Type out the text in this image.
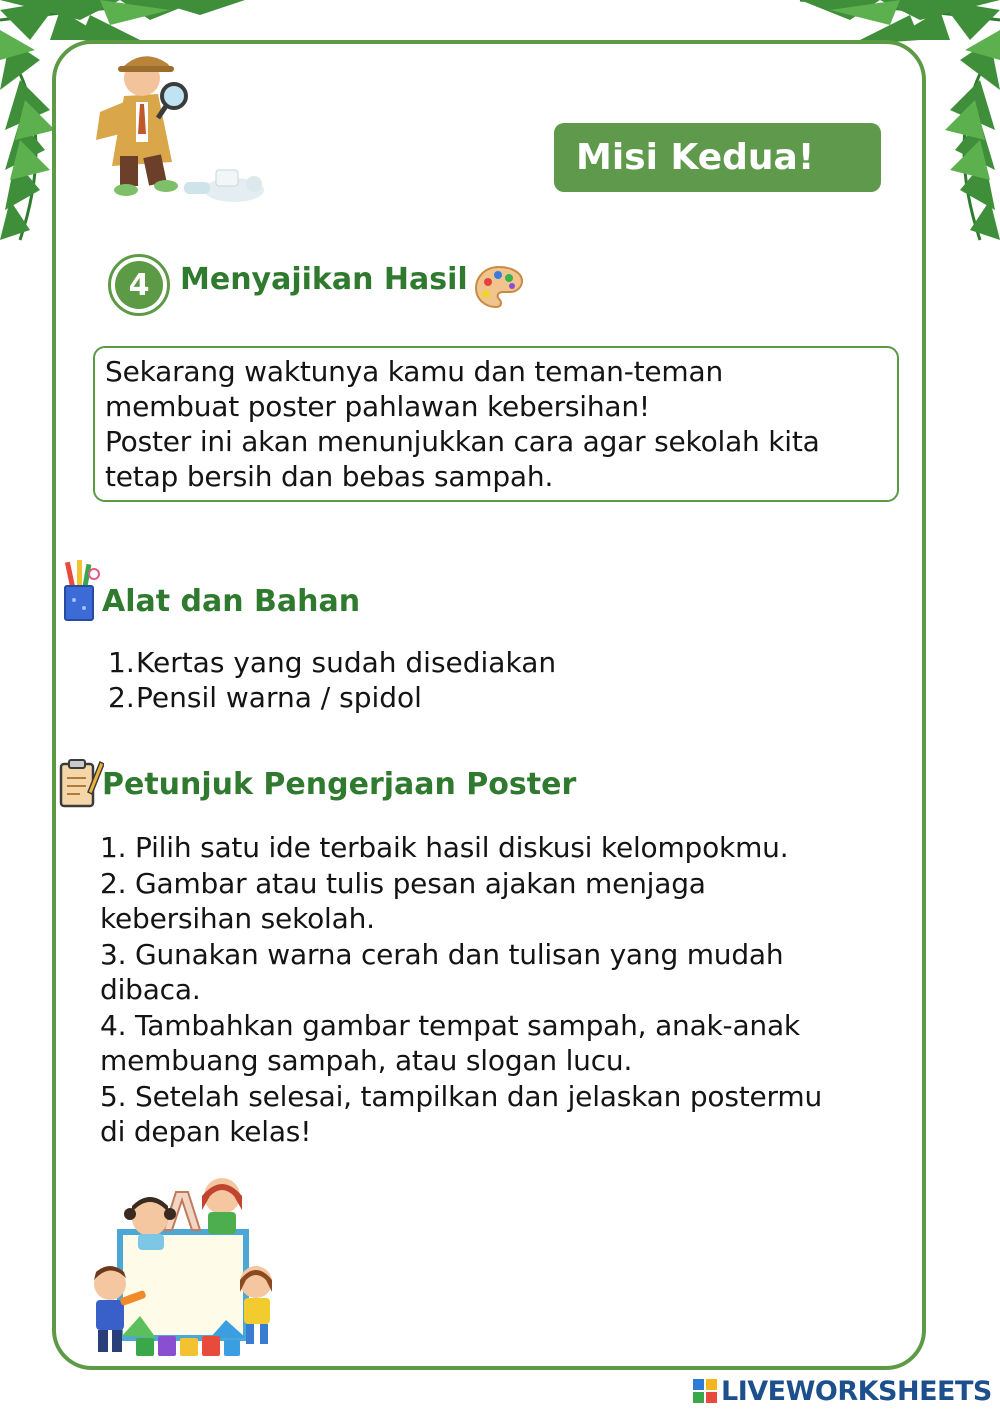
Misi Kedua!
4	Menyajikan Hasil
Sekarang waktunya kamu dan teman-teman
membuat poster pahlawan kebersihan!
Poster ini akan menunjukkan cara agar sekolah kita
tetap bersih dan bebas sampah.
Alat dan Bahan
1. Kertas yang sudah disediakan
2. Pensil warna / spidol
Petunjuk Pengerjaan Poster
1. Pilih satu ide terbaik hasil diskusi kelompokmu.
2. Gambar atau tulis pesan ajakan menjaga
kebersihan sekolah.
3. Gunakan warna cerah dan tulisan yang mudah
dibaca.
4. Tambahkan gambar tempat sampah, anak-anak
membuang sampah, atau slogan lucu.
5. Setelah selesai, tampilkan dan jelaskan postermu
di depan kelas!
LIVEWORKSHEETS
